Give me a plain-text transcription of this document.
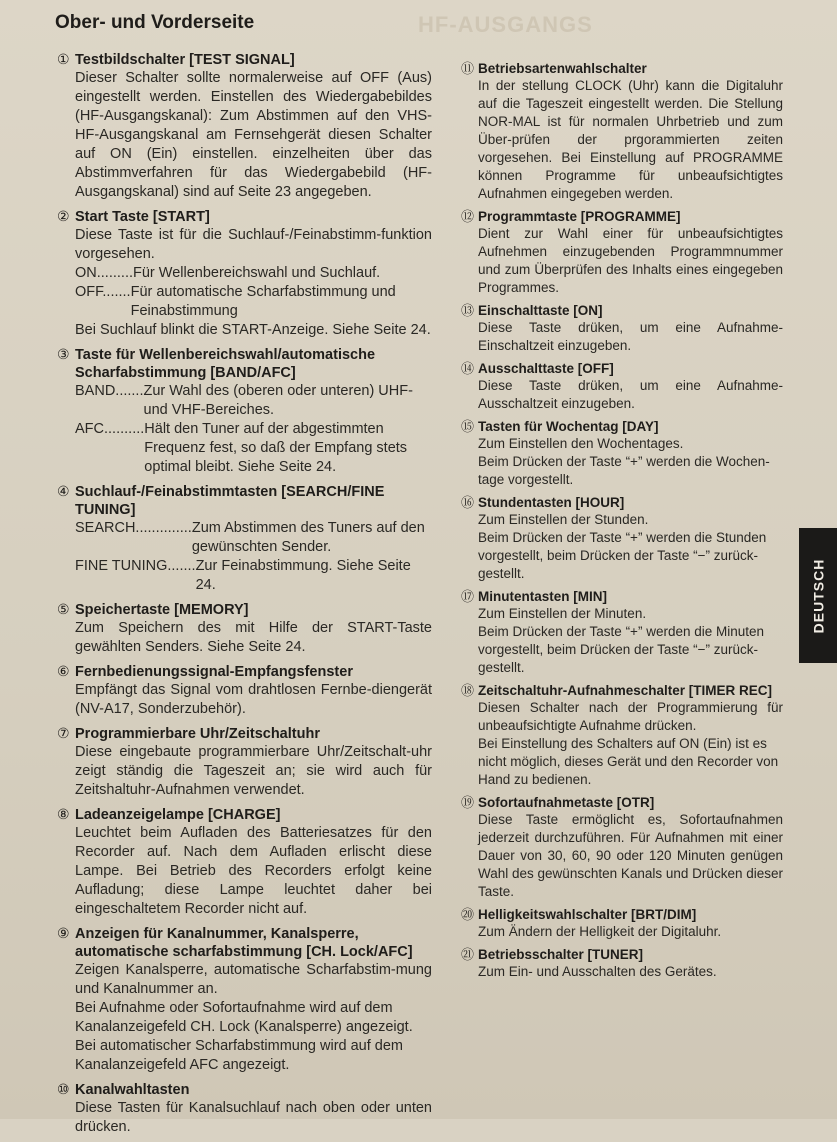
HF-AUSGANGS
Ober- und Vorderseite
① Testbildschalter [TEST SIGNAL]

Dieser Schalter sollte normalerweise auf OFF (Aus) eingestellt werden. Einstellen des Wiedergabebildes (HF-Ausgangskanal): Zum Abstimmen auf den VHS-HF-Ausgangskanal am Fernsehgerät diesen Schalter auf ON (Ein) einstellen. einzelheiten über das Abstimmverfahren für das Wiedergabebild (HF-Ausgangskanal) sind auf Seite 23 angegeben.

② Start Taste [START]

Diese Taste ist für die Suchlauf-/Feinabstimm-funktion vorgesehen.

ON......... Für Wellenbereichswahl und Suchlauf.
OFF....... Für automatische Scharfabstimmung und Feinabstimmung

Bei Suchlauf blinkt die START-Anzeige. Siehe Seite 24.

③ Taste für Wellenbereichswahl/automatische Scharfabstimmung [BAND/AFC]
BAND....... Zur Wahl des (oberen oder unteren) UHF- und VHF-Bereiches.
AFC.......... Hält den Tuner auf der abgestimmten Frequenz fest, so daß der Empfang stets optimal bleibt. Siehe Seite 24.
④ Suchlauf-/Feinabstimmtasten [SEARCH/FINE TUNING]
SEARCH.............. Zum Abstimmen des Tuners auf den gewünschten Sender.
FINE TUNING....... Zur Feinabstimmung. Siehe Seite 24.
⑤ Speichertaste [MEMORY]

Zum Speichern des mit Hilfe der START-Taste gewählten Senders. Siehe Seite 24.

⑥ Fernbedienungssignal-Empfangsfenster

Empfängt das Signal vom drahtlosen Fernbe-diengerät (NV-A17, Sonderzubehör).

⑦ Programmierbare Uhr/Zeitschaltuhr

Diese eingebaute programmierbare Uhr/Zeitschalt-uhr zeigt ständig die Tageszeit an; sie wird auch für Zeitshaltuhr-Aufnahmen verwendet.

⑧ Ladeanzeigelampe [CHARGE]

Leuchtet beim Aufladen des Batteriesatzes für den Recorder auf. Nach dem Aufladen erlischt diese Lampe. Bei Betrieb des Recorders erfolgt keine Aufladung; diese Lampe leuchtet daher bei eingeschaltetem Recorder nicht auf.

⑨ Anzeigen für Kanalnummer, Kanalsperre, automatische scharfabstimmung [CH. Lock/AFC]

Zeigen Kanalsperre, automatische Scharfabstim-mung und Kanalnummer an.

Bei Aufnahme oder Sofortaufnahme wird auf dem Kanalanzeigefeld CH. Lock (Kanalsperre) angezeigt. Bei automatischer Scharfabstimmung wird auf dem Kanalanzeigefeld AFC angezeigt.

⑩ Kanalwahltasten

Diese Tasten für Kanalsuchlauf nach oben oder unten drücken.

⑪ Betriebsartenwahlschalter

In der stellung CLOCK (Uhr) kann die Digitaluhr auf die Tageszeit eingestellt werden. Die Stellung NOR-MAL ist für normalen Uhrbetrieb und zum Über-prüfen der prgorammierten zeiten vorgesehen. Bei Einstellung auf PROGRAMME können Programme für unbeaufsichtigtes Aufnahmen eingegeben werden.

⑫ Programmtaste [PROGRAMME]

Dient zur Wahl einer für unbeaufsichtigtes Aufnehmen einzugebenden Programmnummer und zum Überprüfen des Inhalts eines eingegeben Programmes.

⑬ Einschalttaste [ON]

Diese Taste drüken, um eine Aufnahme-Einschaltzeit einzugeben.

⑭ Ausschalttaste [OFF]

Diese Taste drüken, um eine Aufnahme-Ausschaltzeit einzugeben.

⑮ Tasten für Wochentag [DAY]

Zum Einstellen den Wochentages.

Beim Drücken der Taste “+” werden die Wochen-tage vorgestellt.

⑯ Stundentasten [HOUR]

Zum Einstellen der Stunden.

Beim Drücken der Taste “+” werden die Stunden vorgestellt, beim Drücken der Taste “−” zurück-gestellt.

⑰ Minutentasten [MIN]

Zum Einstellen der Minuten.

Beim Drücken der Taste “+” werden die Minuten vorgestellt, beim Drücken der Taste “−” zurück-gestellt.

⑱ Zeitschaltuhr-Aufnahmeschalter [TIMER REC]

Diesen Schalter nach der Programmierung für unbeaufsichtigte Aufnahme drücken.

Bei Einstellung des Schalters auf ON (Ein) ist es nicht möglich, dieses Gerät und den Recorder von Hand zu bedienen.

⑲ Sofortaufnahmetaste [OTR]

Diese Taste ermöglicht es, Sofortaufnahmen jederzeit durchzuführen. Für Aufnahmen mit einer Dauer von 30, 60, 90 oder 120 Minuten genügen Wahl des gewünschten Kanals und Drücken dieser Taste.

⑳ Helligkeitswahlschalter [BRT/DIM]

Zum Ändern der Helligkeit der Digitaluhr.

㉑ Betriebsschalter [TUNER]

Zum Ein- und Ausschalten des Gerätes.

DEUTSCH
